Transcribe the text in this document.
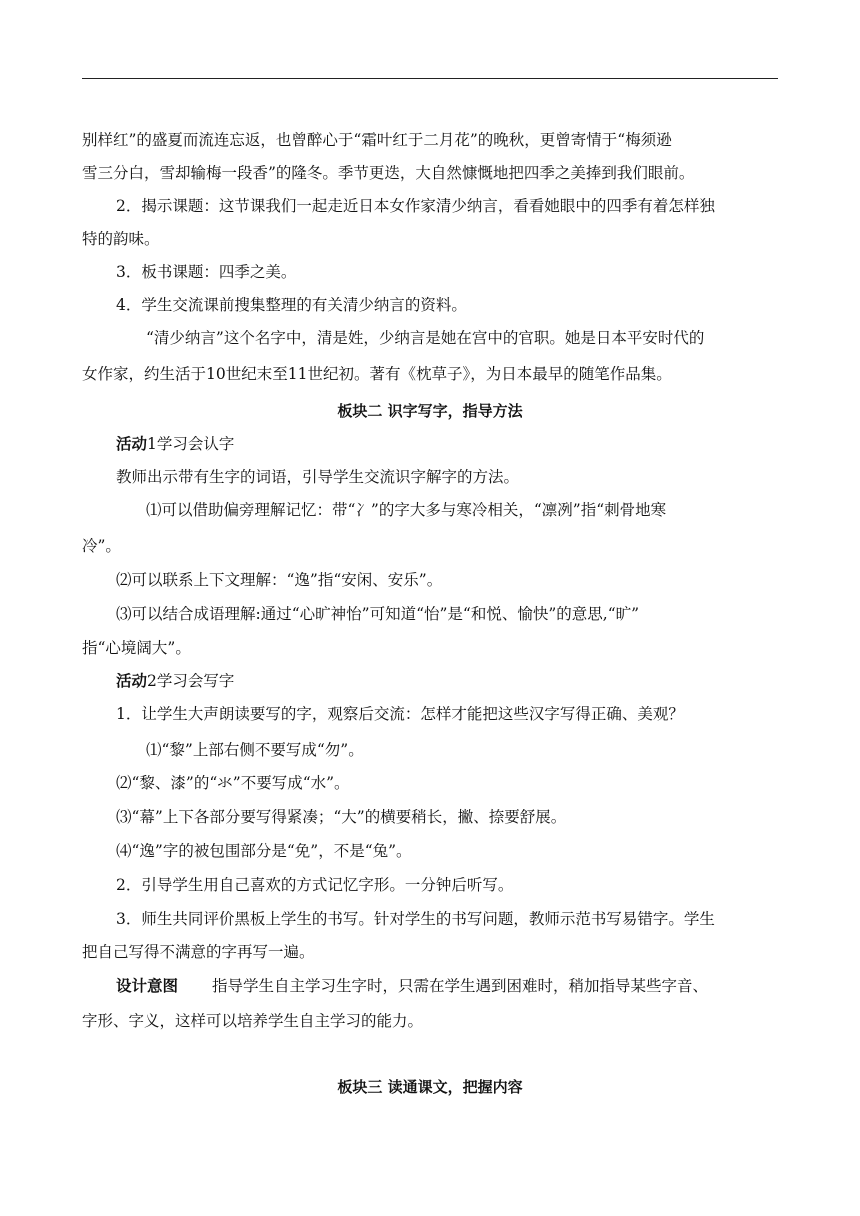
别样红”的盛夏而流连忘返，也曾醉心于“霜叶红于二月花”的晚秋，更曾寄情于“梅须逊

雪三分白，雪却输梅一段香”的隆冬。季节更迭，大自然慷慨地把四季之美捧到我们眼前。

2．揭示课题：这节课我们一起走近日本女作家清少纳言，看看她眼中的四季有着怎样独

特的韵味。

3．板书课题：四季之美。

4．学生交流课前搜集整理的有关清少纳言的资料。

“清少纳言”这个名字中，清是姓，少纳言是她在宫中的官职。她是日本平安时代的

女作家，约生活于10世纪末至11世纪初。著有《枕草子》，为日本最早的随笔作品集。

板块二 识字写字，指导方法

活动1学习会认字

教师出示带有生字的词语，引导学生交流识字解字的方法。

⑴可以借助偏旁理解记忆：带“冫”的字大多与寒冷相关，“凛冽”指“刺骨地寒

冷”。

⑵可以联系上下文理解：“逸”指“安闲、安乐”。

⑶可以结合成语理解:通过“心旷神怡”可知道“怡”是“和悦、愉快”的意思,“旷”

指“心境阔大”。

活动2学习会写字

1．让学生大声朗读要写的字，观察后交流：怎样才能把这些汉字写得正确、美观？

⑴“黎”上部右侧不要写成“勿”。

⑵“黎、漆”的“氺”不要写成“水”。

⑶“幕”上下各部分要写得紧凑；“大”的横要稍长，撇、捺要舒展。

⑷“逸”字的被包围部分是“免”，不是“兔”。

2．引导学生用自己喜欢的方式记忆字形。一分钟后听写。

3．师生共同评价黑板上学生的书写。针对学生的书写问题，教师示范书写易错字。学生

把自己写得不满意的字再写一遍。

设计意图 指导学生自主学习生字时，只需在学生遇到困难时，稍加指导某些字音、

字形、字义，这样可以培养学生自主学习的能力。

板块三 读通课文，把握内容
